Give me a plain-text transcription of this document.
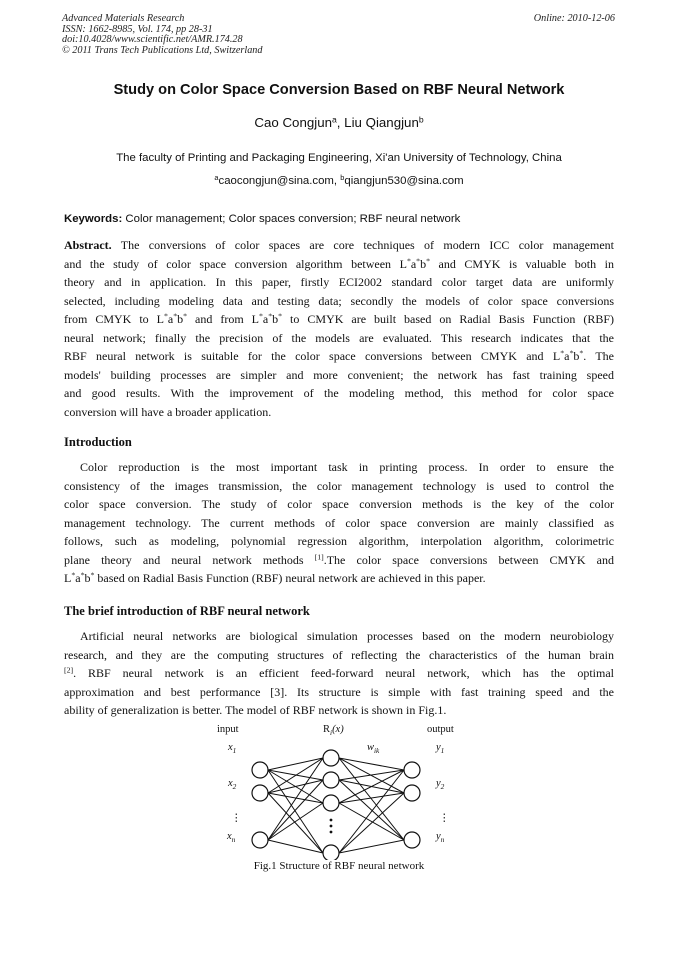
Advanced Materials Research
ISSN: 1662-8985, Vol. 174, pp 28-31
doi:10.4028/www.scientific.net/AMR.174.28
© 2011 Trans Tech Publications Ltd, Switzerland
Online: 2010-12-06
Study on Color Space Conversion Based on RBF Neural Network
Cao Congjun$^a$, Liu Qiangjun$^b$
The faculty of Printing and Packaging Engineering, Xi'an University of Technology, China
$^a$caocongjun@sina.com, $^b$qiangjun530@sina.com
Keywords: Color management; Color spaces conversion; RBF neural network
Abstract. The conversions of color spaces are core techniques of modern ICC color management
and the study of color space conversion algorithm between L*a*b* and CMYK is valuable both in
theory and in application. In this paper, firstly ECI2002 standard color target data are uniformly
selected, including modeling data and testing data; secondly the models of color space conversions
from CMYK to L*a*b* and from L*a*b* to CMYK are built based on Radial Basis Function (RBF)
neural network; finally the precision of the models are evaluated. This research indicates that the
RBF neural network is suitable for the color space conversions between CMYK and L*a*b*. The
models' building processes are simpler and more convenient; the network has fast training speed
and good results. With the improvement of the modeling method, this method for color space
conversion will have a broader application.
Introduction
Color reproduction is the most important task in printing process. In order to ensure the
consistency of the images transmission, the color management technology is used to control the
color space conversion. The study of color space conversion methods is the key of the color
management technology. The current methods of color space conversion are mainly classified as
follows, such as modeling, polynomial regression algorithm, interpolation algorithm, colorimetric
plane theory and neural network methods [1].The color space conversions between CMYK and
L*a*b* based on Radial Basis Function (RBF) neural network are achieved in this paper.
The brief introduction of RBF neural network
Artificial neural networks are biological simulation processes based on the modern neurobiology
research, and they are the computing structures of reflecting the characteristics of the human brain
[2]. RBF neural network is an efficient feed-forward neural network, which has the optimal
approximation and best performance [3]. Its structure is simple with fast training speed and the
ability of generalization is better. The model of RBF network is shown in Fig.1.
input	$R_i(x)$	output
$x_1$
$x_2$
⋮
$x_n$
$w_{ik}$	$y_1$
$y_2$
⋮
$y_n$
Fig.1 Structure of RBF neural network
